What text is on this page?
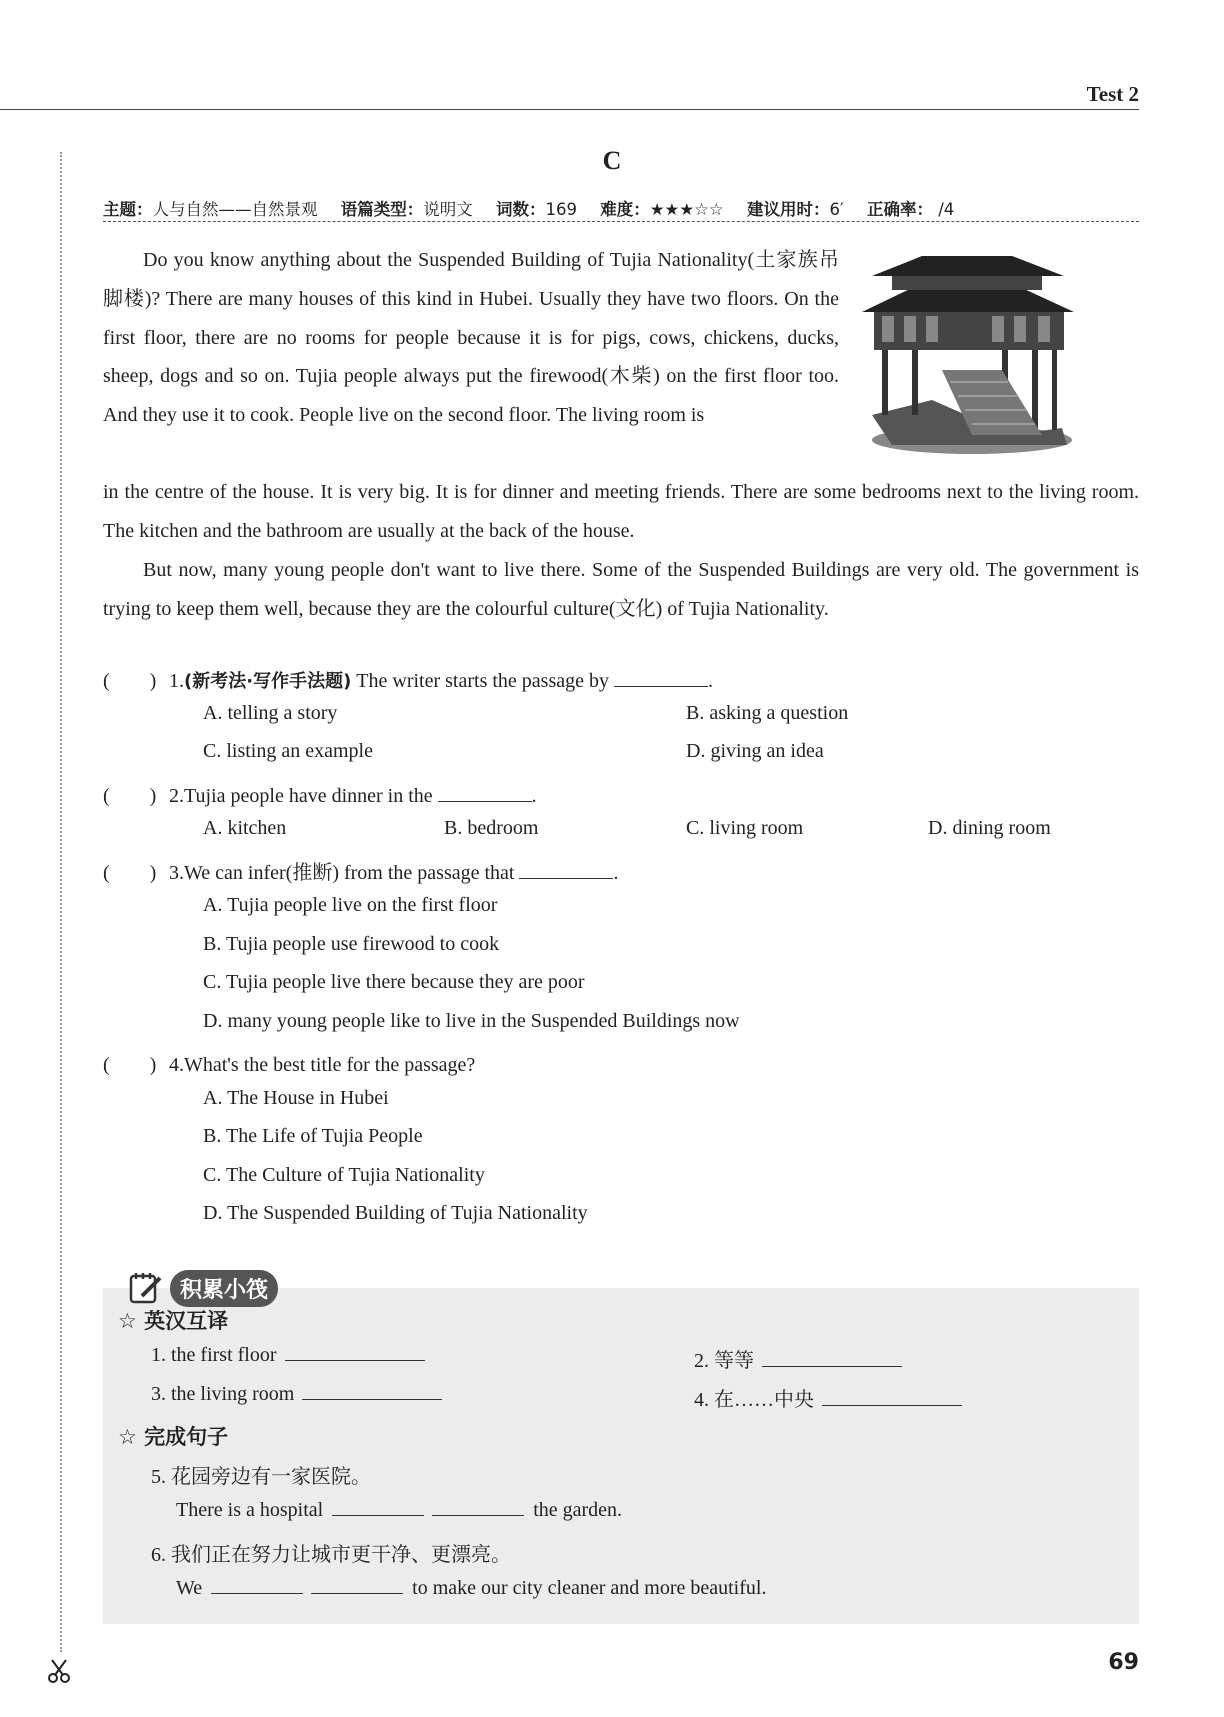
Test 2
C
主题：人与自然——自然景观 语篇类型：说明文 词数：169 难度：★★★☆☆ 建议用时：6′ 正确率： /4
Do you know anything about the Suspended Building of Tujia Nationality(土家族吊脚楼)? There are many houses of this kind in Hubei. Usually they have two floors. On the first floor, there are no rooms for people because it is for pigs, cows, chickens, ducks, sheep, dogs and so on. Tujia people always put the firewood(木柴) on the first floor too. And they use it to cook. People live on the second floor. The living room is
in the centre of the house. It is very big. It is for dinner and meeting friends. There are some bedrooms next to the living room. The kitchen and the bathroom are usually at the back of the house.
But now, many young people don't want to live there. Some of the Suspended Buildings are very old. The government is trying to keep them well, because they are the colourful culture(文化) of Tujia Nationality.
(　　) 1.(新考法·写作手法题) The writer starts the passage by	.
A. telling a story	B. asking a question
C. listing an example	D. giving an idea
(　　) 2.Tujia people have dinner in the	.
A. kitchen	B. bedroom	C. living room	D. dining room
(　　) 3.We can infer(推断) from the passage that	.
A. Tujia people live on the first floor
B. Tujia people use firewood to cook
C. Tujia people live there because they are poor
D. many young people like to live in the Suspended Buildings now
(　　) 4.What's the best title for the passage?
A. The House in Hubei
B. The Life of Tujia People
C. The Culture of Tujia Nationality
D. The Suspended Building of Tujia Nationality
积累小筏
☆ 英汉互译
1. the first floor	2. 等等
3. the living room	4. 在……中央
☆ 完成句子
5. 花园旁边有一家医院。
There is a hospital	the garden.
6. 我们正在努力让城市更干净、更漂亮。
We	to make our city cleaner and more beautiful.
69
